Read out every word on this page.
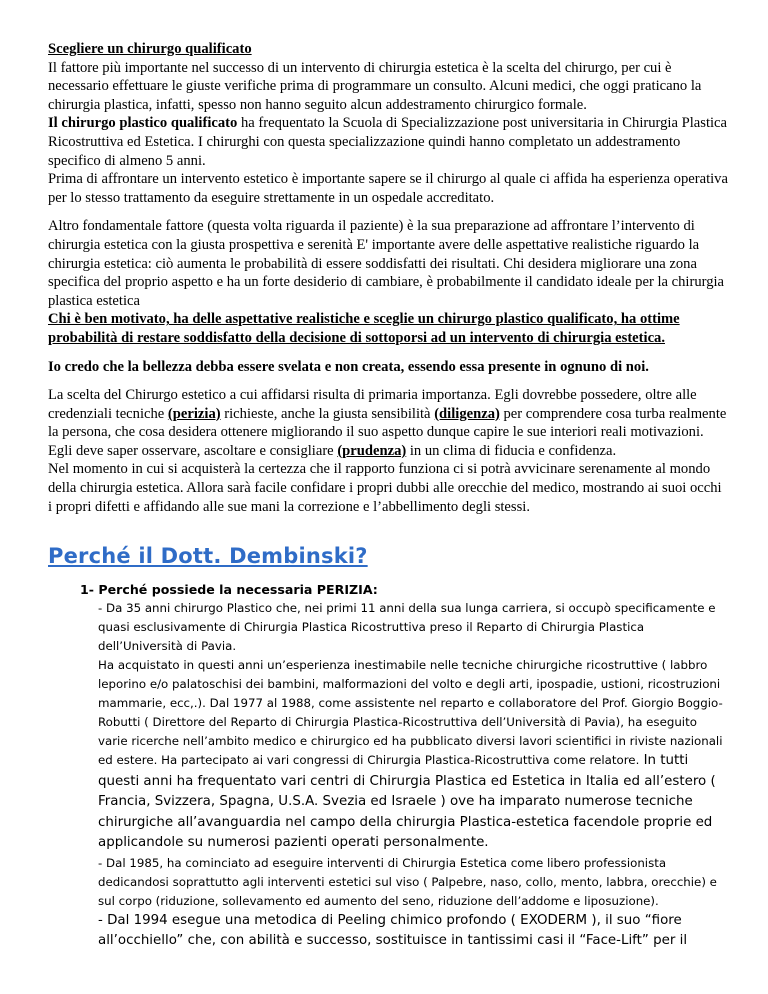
Scegliere un chirurgo qualificato

Il fattore più importante nel successo di un intervento di chirurgia estetica è la scelta del chirurgo, per cui è necessario effettuare le giuste verifiche prima di programmare un consulto. Alcuni medici, che oggi praticano la chirurgia plastica, infatti, spesso non hanno seguito alcun addestramento chirurgico formale.

Il chirurgo plastico qualificato ha frequentato la Scuola di Specializzazione post universitaria in Chirurgia Plastica Ricostruttiva ed Estetica. I chirurghi con questa specializzazione quindi hanno completato un addestramento specifico di almeno 5 anni.

Prima di affrontare un intervento estetico è importante sapere se il chirurgo al quale ci affida ha esperienza operativa per lo stesso trattamento da eseguire strettamente in un ospedale accreditato.

Altro fondamentale fattore (questa volta riguarda il paziente) è la sua preparazione ad affrontare l’intervento di chirurgia estetica con la giusta prospettiva e serenità E' importante avere delle aspettative realistiche riguardo la chirurgia estetica: ciò aumenta le probabilità di essere soddisfatti dei risultati. Chi desidera migliorare una zona specifica del proprio aspetto e ha un forte desiderio di cambiare, è probabilmente il candidato ideale per la chirurgia plastica estetica

Chi è ben motivato, ha delle aspettative realistiche e sceglie un chirurgo plastico qualificato, ha ottime probabilità di restare soddisfatto della decisione di sottoporsi ad un intervento di chirurgia estetica.

Io credo che la bellezza debba essere svelata e non creata, essendo essa presente in ognuno di noi.

La scelta del Chirurgo estetico a cui affidarsi risulta di primaria importanza. Egli dovrebbe possedere, oltre alle credenziali tecniche (perizia) richieste, anche la giusta sensibilità (diligenza) per comprendere cosa turba realmente la persona, che cosa desidera ottenere migliorando il suo aspetto dunque capire le sue interiori reali motivazioni. Egli deve saper osservare, ascoltare e consigliare (prudenza) in un clima di fiducia e confidenza.

Nel momento in cui si acquisterà la certezza che il rapporto funziona ci si potrà avvicinare serenamente al mondo della chirurgia estetica. Allora sarà facile confidare i propri dubbi alle orecchie del medico, mostrando ai suoi occhi i propri difetti e affidando alle sue mani la correzione e l’abbellimento degli stessi.

Perché il Dott. Dembinski?
1- Perché possiede la necessaria PERIZIA:

- Da 35 anni chirurgo Plastico che, nei primi 11 anni della sua lunga carriera, si occupò specificamente e quasi esclusivamente di Chirurgia Plastica Ricostruttiva preso il Reparto di Chirurgia Plastica dell’Università di Pavia.

Ha acquistato in questi anni un’esperienza inestimabile nelle tecniche chirurgiche ricostruttive ( labbro leporino e/o palatoschisi dei bambini, malformazioni del volto e degli arti, ipospadie, ustioni, ricostruzioni mammarie, ecc,.). Dal 1977 al 1988, come assistente nel reparto e collaboratore del Prof. Giorgio Boggio-Robutti ( Direttore del Reparto di Chirurgia Plastica-Ricostruttiva dell’Università di Pavia), ha eseguito varie ricerche nell’ambito medico e chirurgico ed ha pubblicato diversi lavori scientifici in riviste nazionali ed estere. Ha partecipato ai vari congressi di Chirurgia Plastica-Ricostruttiva come relatore. In tutti questi anni ha frequentato vari centri di Chirurgia Plastica ed Estetica in Italia ed all’estero ( Francia, Svizzera, Spagna, U.S.A. Svezia ed Israele ) ove ha imparato numerose tecniche chirurgiche all’avanguardia nel campo della chirurgia Plastica-estetica facendole proprie ed applicandole su numerosi pazienti operati personalmente.

- Dal 1985, ha cominciato ad eseguire interventi di Chirurgia Estetica come libero professionista dedicandosi soprattutto agli interventi estetici sul viso ( Palpebre, naso, collo, mento, labbra, orecchie) e sul corpo (riduzione, sollevamento ed aumento del seno, riduzione dell’addome e liposuzione).

- Dal 1994 esegue una metodica di Peeling chimico profondo ( EXODERM ), il suo “fiore all’occhiello” che, con abilità e successo, sostituisce in tantissimi casi il “Face-Lift” per il
